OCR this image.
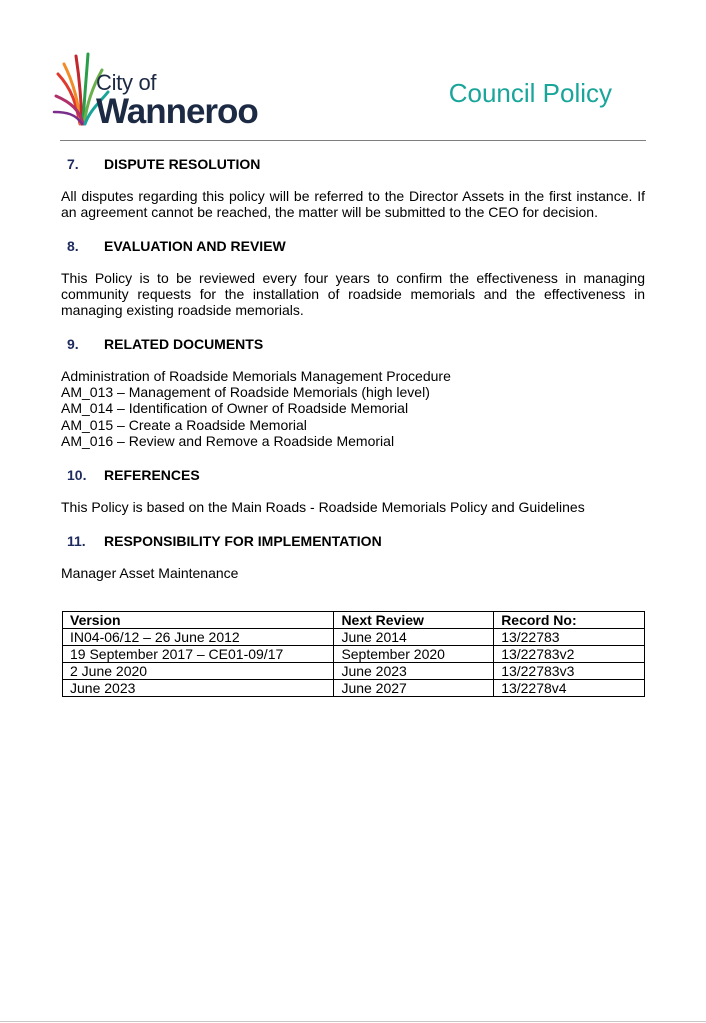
City of
Wanneroo	Council Policy
7.	DISPUTE RESOLUTION

All disputes regarding this policy will be referred to the Director Assets in the first instance. If an agreement cannot be reached, the matter will be submitted to the CEO for decision.

8.	EVALUATION AND REVIEW

This Policy is to be reviewed every four years to confirm the effectiveness in managing community requests for the installation of roadside memorials and the effectiveness in managing existing roadside memorials.

9.	RELATED DOCUMENTS
Administration of Roadside Memorials Management Procedure
AM_013 – Management of Roadside Memorials (high level)
AM_014 – Identification of Owner of Roadside Memorial
AM_015 – Create a Roadside Memorial
AM_016 – Review and Remove a Roadside Memorial
10.	REFERENCES

This Policy is based on the Main Roads - Roadside Memorials Policy and Guidelines

11.	RESPONSIBILITY FOR IMPLEMENTATION

Manager Asset Maintenance

Version	Next Review	Record No:
IN04-06/12 – 26 June 2012	June 2014	13/22783
19 September 2017 – CE01-09/17	September 2020	13/22783v2
2 June 2020	June 2023	13/22783v3
June 2023	June 2027	13/2278v4
